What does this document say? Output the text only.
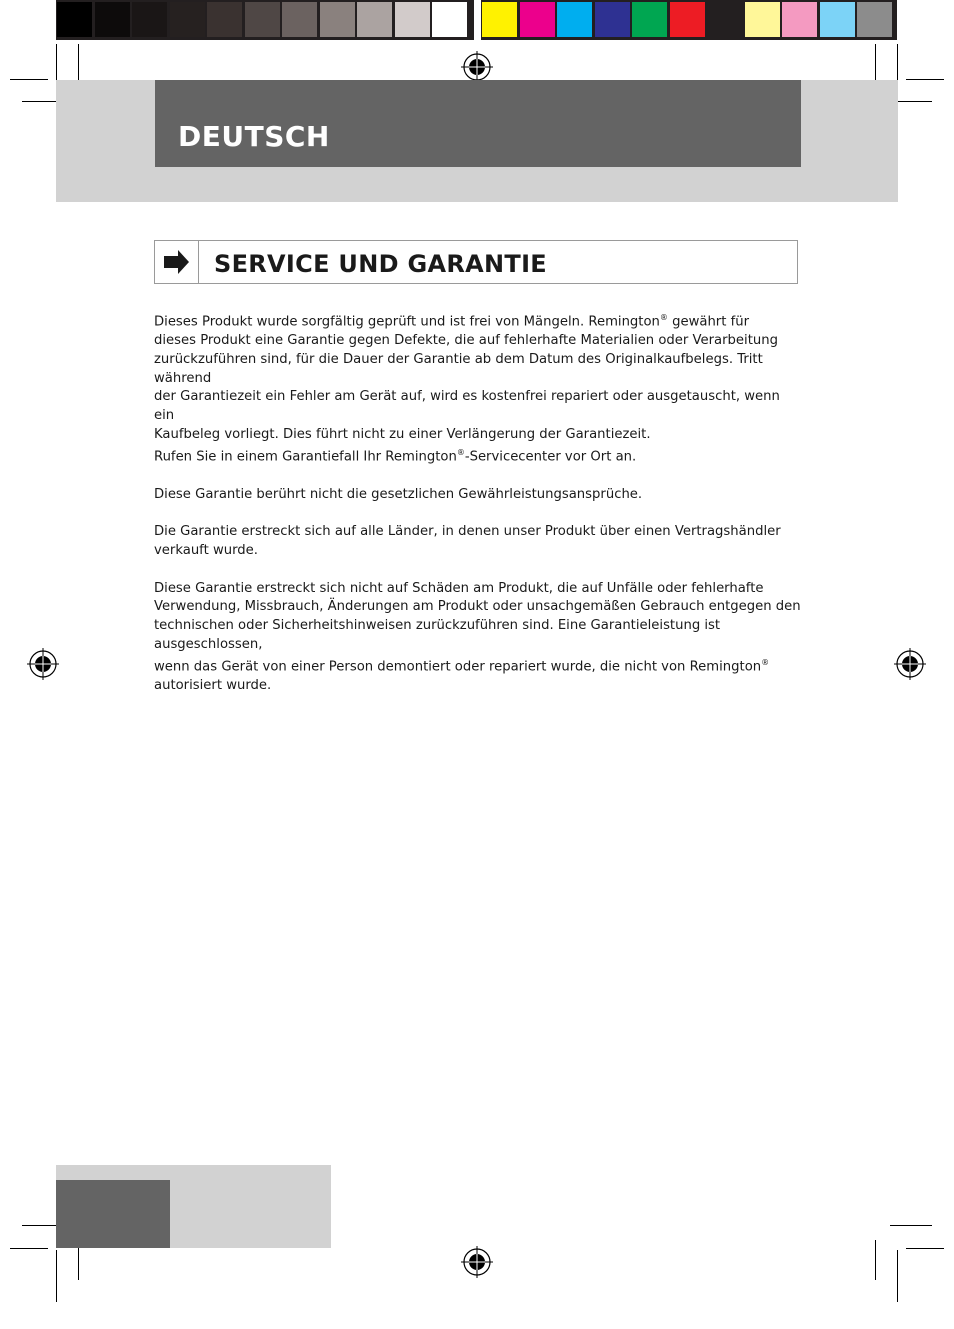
DEUTSCH
SERVICE UND GARANTIE

Dieses Produkt wurde sorgfältig geprüft und ist frei von Mängeln. Remington® gewährt für
dieses Produkt eine Garantie gegen Defekte, die auf fehlerhafte Materialien oder Verarbeitung
zurückzuführen sind, für die Dauer der Garantie ab dem Datum des Originalkaufbelegs. Tritt während
der Garantiezeit ein Fehler am Gerät auf, wird es kostenfrei repariert oder ausgetauscht, wenn ein
Kaufbeleg vorliegt. Dies führt nicht zu einer Verlängerung der Garantiezeit.
Rufen Sie in einem Garantiefall Ihr Remington®-Servicecenter vor Ort an.

Diese Garantie berührt nicht die gesetzlichen Gewährleistungsansprüche.

Die Garantie erstreckt sich auf alle Länder, in denen unser Produkt über einen Vertragshändler
verkauft wurde.

Diese Garantie erstreckt sich nicht auf Schäden am Produkt, die auf Unfälle oder fehlerhafte
Verwendung, Missbrauch, Änderungen am Produkt oder unsachgemäßen Gebrauch entgegen den
technischen oder Sicherheitshinweisen zurückzuführen sind. Eine Garantieleistung ist ausgeschlossen,
wenn das Gerät von einer Person demontiert oder repariert wurde, die nicht von Remington®
autorisiert wurde.
